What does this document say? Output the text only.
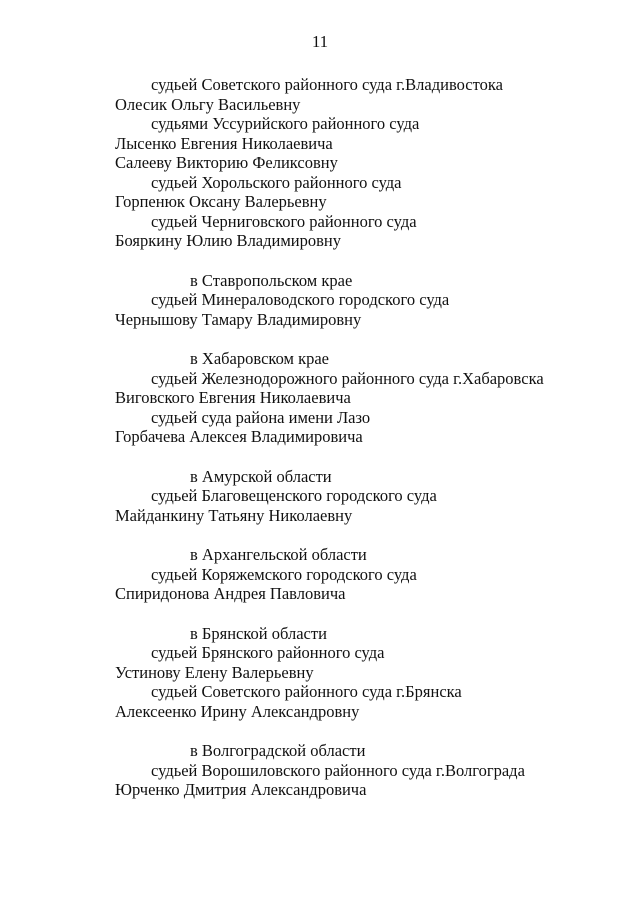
11
судьей Советского районного суда г.Владивостока
Олесик Ольгу Васильевну
судьями Уссурийского районного суда
Лысенко Евгения Николаевича
Салееву Викторию Феликсовну
судьей Хорольского районного суда
Горпенюк Оксану Валерьевну
судьей Черниговского районного суда
Бояркину Юлию Владимировну
в Ставропольском крае
судьей Минераловодского городского суда
Чернышову Тамару Владимировну
в Хабаровском крае
судьей Железнодорожного районного суда г.Хабаровска
Виговского Евгения Николаевича
судьей суда района имени Лазо
Горбачева Алексея Владимировича
в Амурской области
судьей Благовещенского городского суда
Майданкину Татьяну Николаевну
в Архангельской области
судьей Коряжемского городского суда
Спиридонова Андрея Павловича
в Брянской области
судьей Брянского районного суда
Устинову Елену Валерьевну
судьей Советского районного суда г.Брянска
Алексеенко Ирину Александровну
в Волгоградской области
судьей Ворошиловского районного суда г.Волгограда
Юрченко Дмитрия Александровича
